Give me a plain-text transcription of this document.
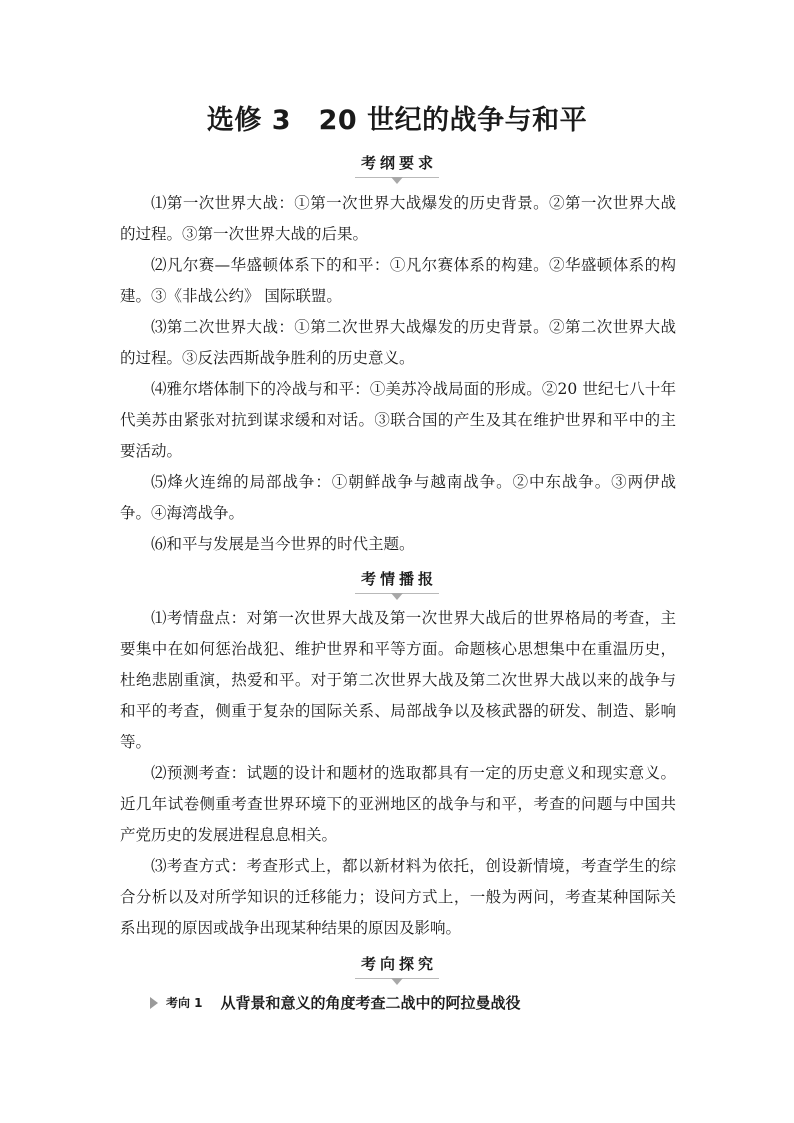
选修 3　20 世纪的战争与和平
考纲要求
⑴第一次世界大战：①第一次世界大战爆发的历史背景。②第一次世界大战的过程。③第一次世界大战的后果。
⑵凡尔赛—华盛顿体系下的和平：①凡尔赛体系的构建。②华盛顿体系的构建。③《非战公约》 国际联盟。
⑶第二次世界大战：①第二次世界大战爆发的历史背景。②第二次世界大战的过程。③反法西斯战争胜利的历史意义。
⑷雅尔塔体制下的冷战与和平：①美苏冷战局面的形成。②20 世纪七八十年代美苏由紧张对抗到谋求缓和对话。③联合国的产生及其在维护世界和平中的主要活动。
⑸烽火连绵的局部战争：①朝鲜战争与越南战争。②中东战争。③两伊战争。④海湾战争。
⑹和平与发展是当今世界的时代主题。
考情播报
⑴考情盘点：对第一次世界大战及第一次世界大战后的世界格局的考查，主要集中在如何惩治战犯、维护世界和平等方面。命题核心思想集中在重温历史，杜绝悲剧重演，热爱和平。对于第二次世界大战及第二次世界大战以来的战争与和平的考查，侧重于复杂的国际关系、局部战争以及核武器的研发、制造、影响等。
⑵预测考查：试题的设计和题材的选取都具有一定的历史意义和现实意义。近几年试卷侧重考查世界环境下的亚洲地区的战争与和平，考查的问题与中国共产党历史的发展进程息息相关。
⑶考查方式：考查形式上，都以新材料为依托，创设新情境，考查学生的综合分析以及对所学知识的迁移能力；设问方式上，一般为两问，考查某种国际关系出现的原因或战争出现某种结果的原因及影响。
考向探究
考向 1 从背景和意义的角度考查二战中的阿拉曼战役
